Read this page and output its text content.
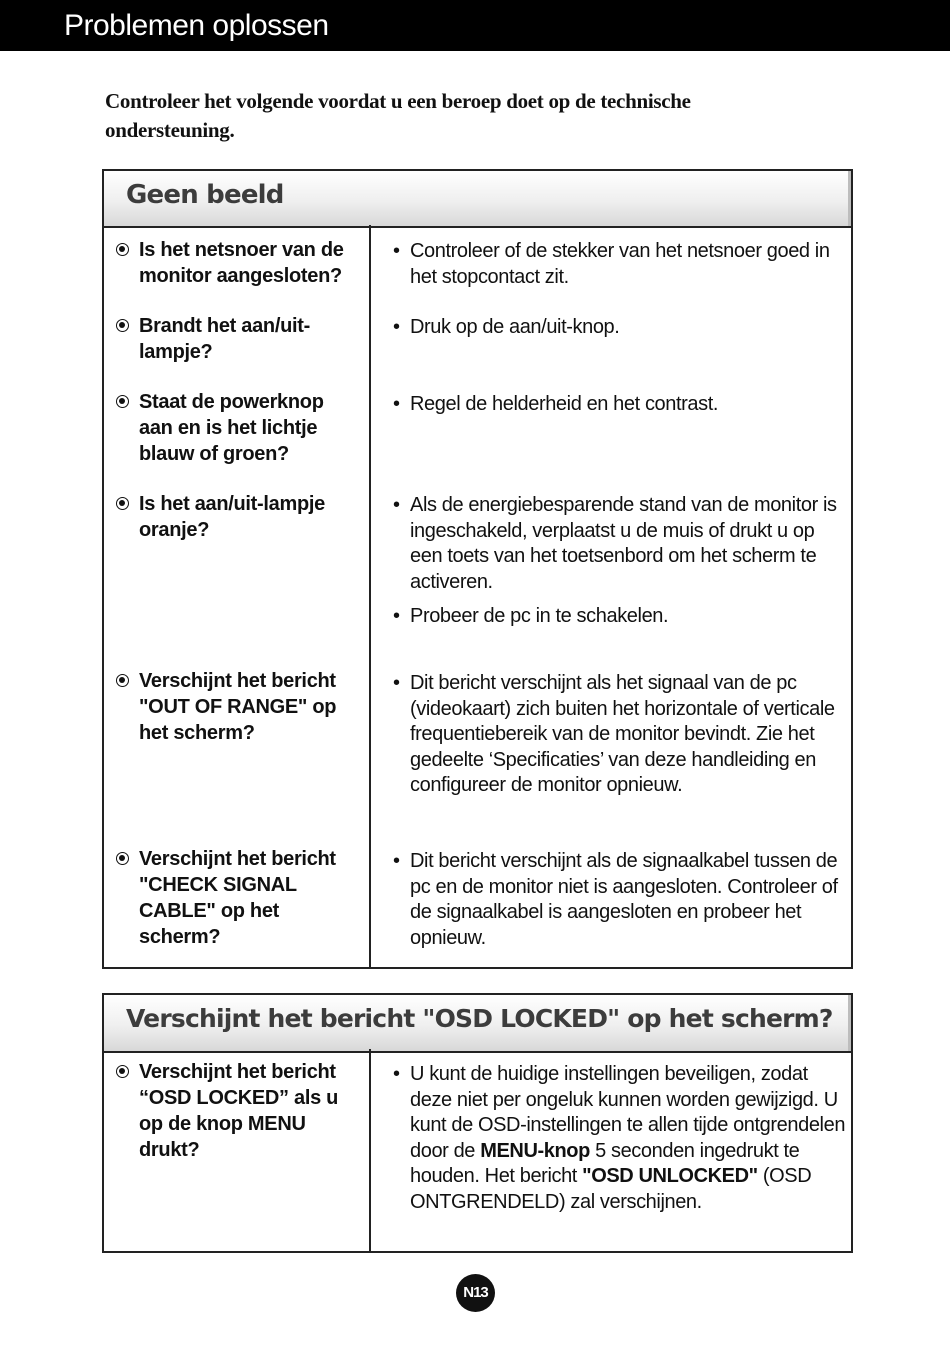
Problemen oplossen
Controleer het volgende voordat u een beroep doet op de technische ondersteuning.
Geen beeld
Is het netsnoer van de monitor aangesloten?
• Controleer of de stekker van het netsnoer goed in het stopcontact zit.
Brandt het aan/uit-lampje?
• Druk op de aan/uit-knop.
Staat de powerknop aan en is het lichtje blauw of groen?
• Regel de helderheid en het contrast.
Is het aan/uit-lampje oranje?
• Als de energiebesparende stand van de monitor is ingeschakeld, verplaatst u de muis of drukt u op een toets van het toetsenbord om het scherm te activeren.
• Probeer de pc in te schakelen.
Verschijnt het bericht "OUT OF RANGE" op het scherm?
• Dit bericht verschijnt als het signaal van de pc (videokaart) zich buiten het horizontale of verticale frequentiebereik van de monitor bevindt. Zie het gedeelte ‘Specificaties’ van deze handleiding en configureer de monitor opnieuw.
Verschijnt het bericht "CHECK SIGNAL CABLE" op het scherm?
• Dit bericht verschijnt als de signaalkabel tussen de pc en de monitor niet is aangesloten. Controleer of de signaalkabel is aangesloten en probeer het opnieuw.
Verschijnt het bericht "OSD LOCKED" op het scherm?
Verschijnt het bericht “OSD LOCKED” als u op de knop MENU drukt?
• U kunt de huidige instellingen beveiligen, zodat deze niet per ongeluk kunnen worden gewijzigd. U kunt de OSD-instellingen te allen tijde ontgrendelen door de MENU-knop 5 seconden ingedrukt te houden. Het bericht "OSD UNLOCKED" (OSD ONTGRENDELD) zal verschijnen.
N13
